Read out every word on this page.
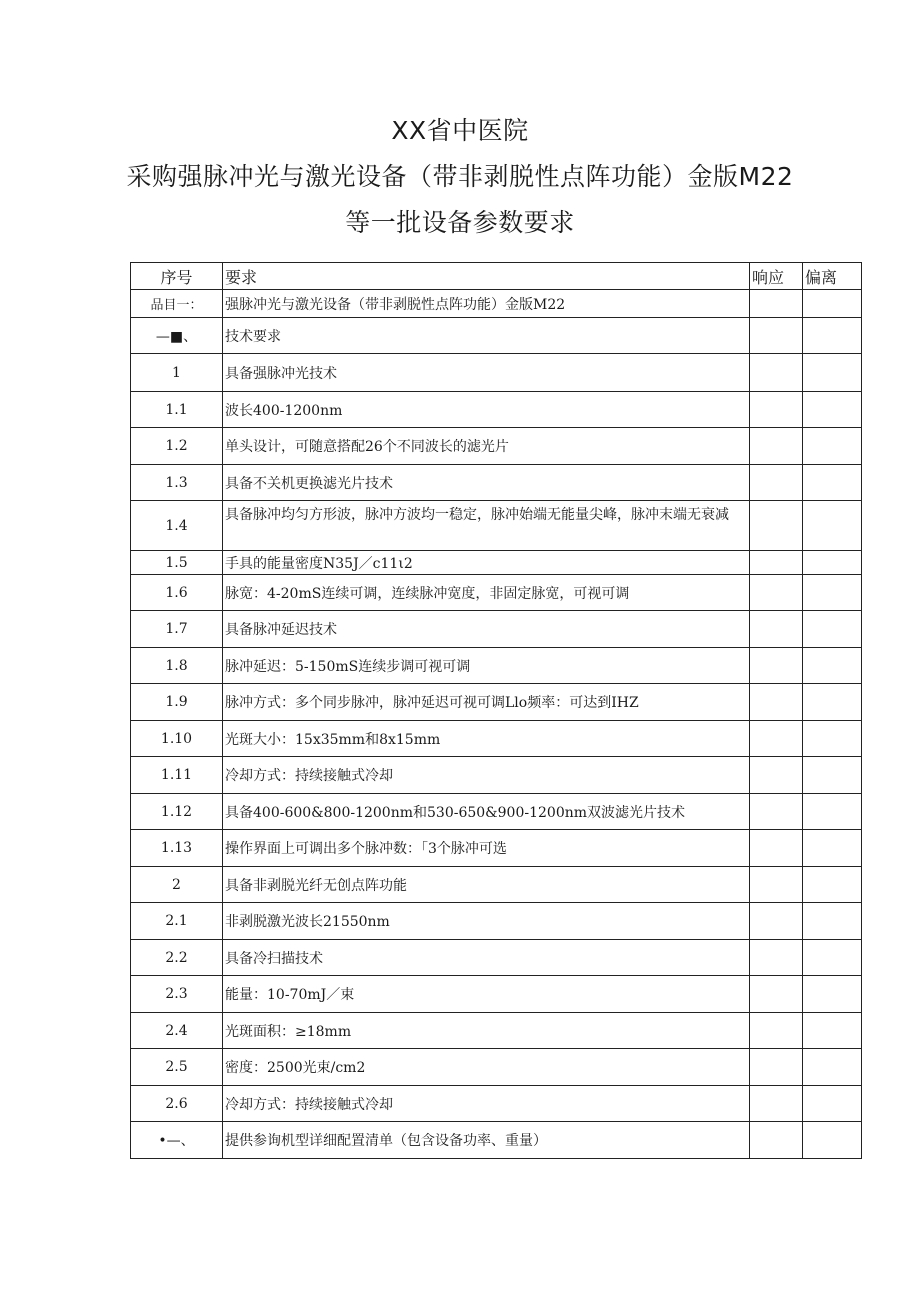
XX省中医院
采购强脉冲光与激光设备（带非剥脱性点阵功能）金版M22
等一批设备参数要求
序号	要求	响应	偏离
品目一：	强脉冲光与激光设备（带非剥脱性点阵功能）金版M22		
—■、	技术要求		
1	具备强脉冲光技术		
1.1	波长400-1200nm		
1.2	单头设计，可随意搭配26个不同波长的滤光片		
1.3	具备不关机更换滤光片技术		
1.4	具备脉冲均匀方形波，脉冲方波均一稳定，脉冲始端无能量尖峰，脉冲末端无衰减		
1.5	手具的能量密度N35J／c11ι2		
1.6	脉宽：4-20mS连续可调，连续脉冲宽度，非固定脉宽，可视可调		
1.7	具备脉冲延迟技术		
1.8	脉冲延迟：5-150mS连续步调可视可调		
1.9	脉冲方式：多个同步脉冲，脉冲延迟可视可调Llo频率：可达到IHZ		
1.10	光斑大小：15x35mm和8x15mm		
1.11	冷却方式：持续接触式冷却		
1.12	具备400-600&800-1200nm和530-650&900-1200nm双波滤光片技术		
1.13	操作界面上可调出多个脉冲数：「3个脉冲可选		
2	具备非剥脱光纤无创点阵功能		
2.1	非剥脱激光波长21550nm		
2.2	具备冷扫描技术		
2.3	能量：10-70mJ／束		
2.4	光斑面积：≥18mm		
2.5	密度：2500光束/cm2		
2.6	冷却方式：持续接触式冷却		
•—、	提供参询机型详细配置清单（包含设备功率、重量）		
